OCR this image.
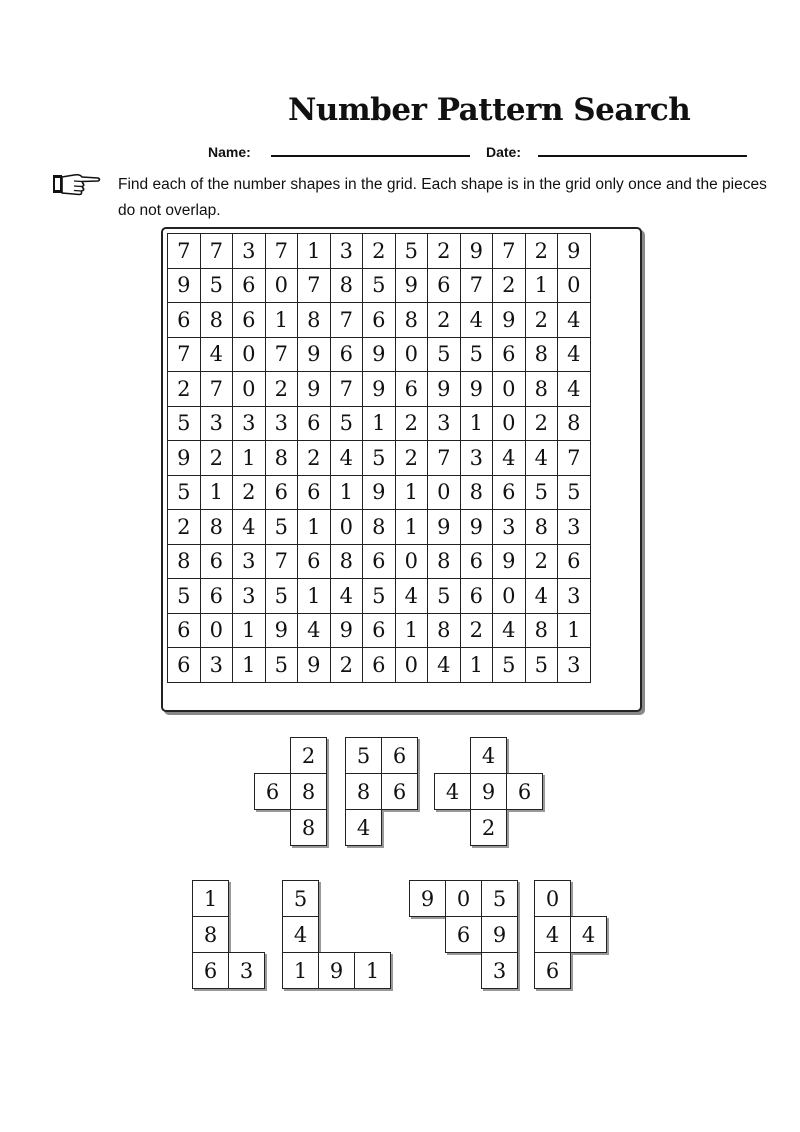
Number Pattern Search
Name:	Date:
Find each of the number shapes in the grid. Each shape is in the grid only once and the pieces do not overlap.
7	7	3	7	1	3	2	5	2	9	7	2	9
9	5	6	0	7	8	5	9	6	7	2	1	0
6	8	6	1	8	7	6	8	2	4	9	2	4
7	4	0	7	9	6	9	0	5	5	6	8	4
2	7	0	2	9	7	9	6	9	9	0	8	4
5	3	3	3	6	5	1	2	3	1	0	2	8
9	2	1	8	2	4	5	2	7	3	4	4	7
5	1	2	6	6	1	9	1	0	8	6	5	5
2	8	4	5	1	0	8	1	9	9	3	8	3
8	6	3	7	6	8	6	0	8	6	9	2	6
5	6	3	5	1	4	5	4	5	6	0	4	3
6	0	1	9	4	9	6	1	8	2	4	8	1
6	3	1	5	9	2	6	0	4	1	5	5	3
2
6	8
8
5	6
8	6
4
4
4	9	6
2
1
8
6	3
5
4
1	9	1
9	0	5
6	9
3
0
4	4
6
